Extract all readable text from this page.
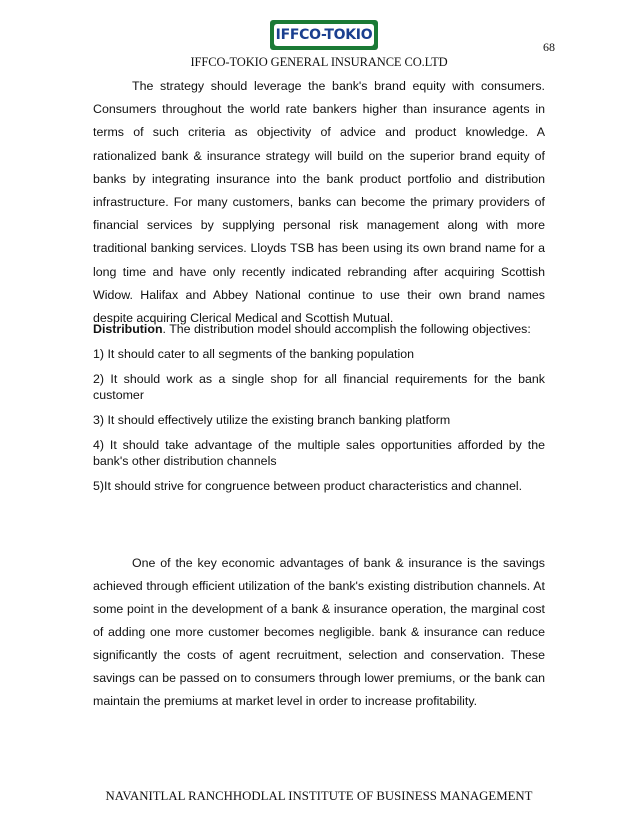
IFFCO-TOKIO
68
IFFCO-TOKIO GENERAL INSURANCE CO.LTD

The strategy should leverage the bank's brand equity with consumers. Consumers throughout the world rate bankers higher than insurance agents in terms of such criteria as objectivity of advice and product knowledge. A rationalized bank & insurance strategy will build on the superior brand equity of banks by integrating insurance into the bank product portfolio and distribution infrastructure. For many customers, banks can become the primary providers of financial services by supplying personal risk management along with more traditional banking services. Lloyds TSB has been using its own brand name for a long time and have only recently indicated rebranding after acquiring Scottish Widow. Halifax and Abbey National continue to use their own brand names despite acquiring Clerical Medical and Scottish Mutual.

Distribution. The distribution model should accomplish the following objectives:

1) It should cater to all segments of the banking population

2) It should work as a single shop for all financial requirements for the bank customer

3) It should effectively utilize the existing branch banking platform

4) It should take advantage of the multiple sales opportunities afforded by the bank's other distribution channels

5)It should strive for congruence between product characteristics and channel.

One of the key economic advantages of bank & insurance is the savings achieved through efficient utilization of the bank's existing distribution channels. At some point in the development of a bank & insurance operation, the marginal cost of adding one more customer becomes negligible. bank & insurance can reduce significantly the costs of agent recruitment, selection and conservation. These savings can be passed on to consumers through lower premiums, or the bank can maintain the premiums at market level in order to increase profitability.

NAVANITLAL RANCHHODLAL INSTITUTE OF BUSINESS MANAGEMENT
